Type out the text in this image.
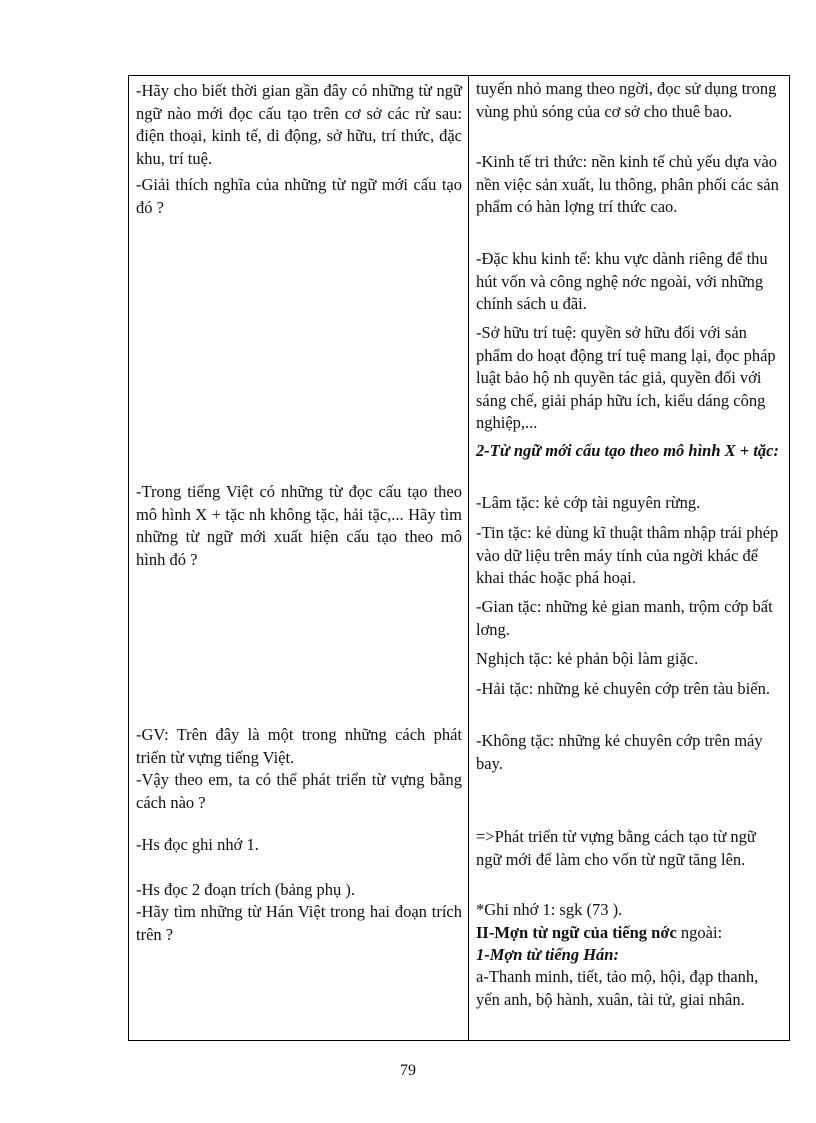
-Hãy cho biết thời gian gần đây có những từ ngữ ngữ nào mới đọc cấu tạo trên cơ sở các rừ sau: điện thoại, kinh tế, di động, sở hữu, trí thức, đặc khu, trí tuệ.

-Giải thích nghĩa của những từ ngữ mới cấu tạo đó ?

-Trong tiếng Việt có những từ đọc cấu tạo theo mô hình X + tặc nh không tặc, hải tặc,... Hãy tìm những từ ngữ mới xuất hiện cấu tạo theo mô hình đó ?

-GV: Trên đây là một trong những cách phát triển từ vựng tiếng Việt.

-Vậy theo em, ta có thể phát triển từ vựng bằng cách nào ?

-Hs đọc ghi nhớ 1.

-Hs đọc 2 đoạn trích (bảng phụ ).

-Hãy tìm những từ Hán Việt trong hai đoạn trích trên ?

tuyến nhỏ mang theo ngời, đọc sử dụng trong vùng phủ sóng của cơ sở cho thuê bao.

-Kinh tế tri thức: nền kinh tế chủ yếu dựa vào nền việc sản xuất, lu thông, phân phối các sản phẩm có hàn lợng trí thức cao.

-Đặc khu kinh tế: khu vực dành riêng để thu hút vốn và công nghệ nớc ngoài, với những chính sách u đãi.

-Sở hữu trí tuệ: quyền sở hữu đối với sản phẩm do hoạt động trí tuệ mang lại, đọc pháp luật bảo hộ nh quyền tác giả, quyền đối với sáng chế, giải pháp hữu ích, kiểu dáng công nghiệp,...

2-Từ ngữ mới cấu tạo theo mô hình X + tặc:

-Lâm tặc: kẻ cớp tài nguyên rừng.

-Tin tặc: kẻ dùng kĩ thuật thâm nhập trái phép vào dữ liệu trên máy tính của ngời khác để khai thác hoặc phá hoại.

-Gian tặc: những kẻ gian manh, trộm cớp bất lơng.

Nghịch tặc: kẻ phản bội làm giặc.

-Hải tặc: những kẻ chuyên cớp trên tàu biển.

-Không tặc: những kẻ chuyên cớp trên máy bay.

=>Phát triển từ vựng bằng cách tạo từ ngữ ngữ mới để làm cho vốn từ ngữ tăng lên.

*Ghi nhớ 1: sgk (73 ).

II-Mợn từ ngữ của tiếng nớc ngoài:

1-Mợn từ tiếng Hán:

a-Thanh minh, tiết, tảo mộ, hội, đạp thanh, yến anh, bộ hành, xuân, tài tử, giai nhân.

79
